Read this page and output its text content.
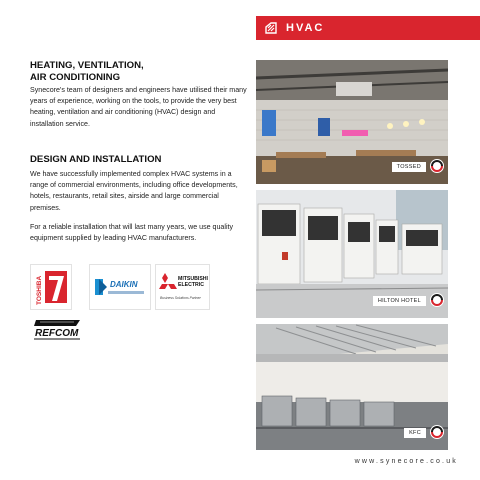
HVAC
HEATING, VENTILATION,
AIR CONDITIONING

Synecore's team of designers and engineers have utilised their many years of experience, working on the tools, to provide the very best heating, ventilation and air conditioning (HVAC) design and installation service.

DESIGN AND INSTALLATION

We have successfully implemented complex HVAC systems in a range of commercial environments, including office developments, hotels, restaurants, retail sites, airside and large commercial premises.

For a reliable installation that will last many years, we use quality equipment supplied by leading HVAC manufacturers.

TOSHIBA	DAIKIN
MITSUBISHI
ELECTRIC
Business Solutions Partner
REFCOM
TOSSED
HILTON HOTEL
KFC
www.synecore.co.uk
